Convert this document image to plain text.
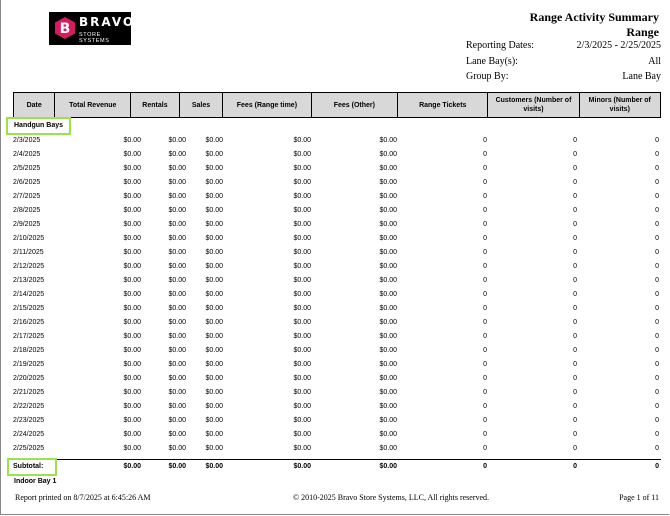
B BRAVO
STORE SYSTEMS
Range Activity Summary
Range
Reporting Dates:	2/3/2025 - 2/25/2025
Lane Bay(s):	All
Group By:	Lane Bay
Date	Total Revenue	Rentals	Sales	Fees (Range time)	Fees (Other)	Range Tickets	Customers (Number of visits)	Minors (Number of visits)
Handgun Bays
2/3/2025	$0.00	$0.00	$0.00	$0.00	$0.00	0	0	0
2/4/2025	$0.00	$0.00	$0.00	$0.00	$0.00	0	0	0
2/5/2025	$0.00	$0.00	$0.00	$0.00	$0.00	0	0	0
2/6/2025	$0.00	$0.00	$0.00	$0.00	$0.00	0	0	0
2/7/2025	$0.00	$0.00	$0.00	$0.00	$0.00	0	0	0
2/8/2025	$0.00	$0.00	$0.00	$0.00	$0.00	0	0	0
2/9/2025	$0.00	$0.00	$0.00	$0.00	$0.00	0	0	0
2/10/2025	$0.00	$0.00	$0.00	$0.00	$0.00	0	0	0
2/11/2025	$0.00	$0.00	$0.00	$0.00	$0.00	0	0	0
2/12/2025	$0.00	$0.00	$0.00	$0.00	$0.00	0	0	0
2/13/2025	$0.00	$0.00	$0.00	$0.00	$0.00	0	0	0
2/14/2025	$0.00	$0.00	$0.00	$0.00	$0.00	0	0	0
2/15/2025	$0.00	$0.00	$0.00	$0.00	$0.00	0	0	0
2/16/2025	$0.00	$0.00	$0.00	$0.00	$0.00	0	0	0
2/17/2025	$0.00	$0.00	$0.00	$0.00	$0.00	0	0	0
2/18/2025	$0.00	$0.00	$0.00	$0.00	$0.00	0	0	0
2/19/2025	$0.00	$0.00	$0.00	$0.00	$0.00	0	0	0
2/20/2025	$0.00	$0.00	$0.00	$0.00	$0.00	0	0	0
2/21/2025	$0.00	$0.00	$0.00	$0.00	$0.00	0	0	0
2/22/2025	$0.00	$0.00	$0.00	$0.00	$0.00	0	0	0
2/23/2025	$0.00	$0.00	$0.00	$0.00	$0.00	0	0	0
2/24/2025	$0.00	$0.00	$0.00	$0.00	$0.00	0	0	0
2/25/2025	$0.00	$0.00	$0.00	$0.00	$0.00	0	0	0
Subtotal:	$0.00	$0.00	$0.00	$0.00	$0.00	0	0	0
Indoor Bay 1
Report printed on 8/7/2025 at 6:45:26 AM	© 2010-2025 Bravo Store Systems, LLC, All rights reserved.	Page 1 of 11
